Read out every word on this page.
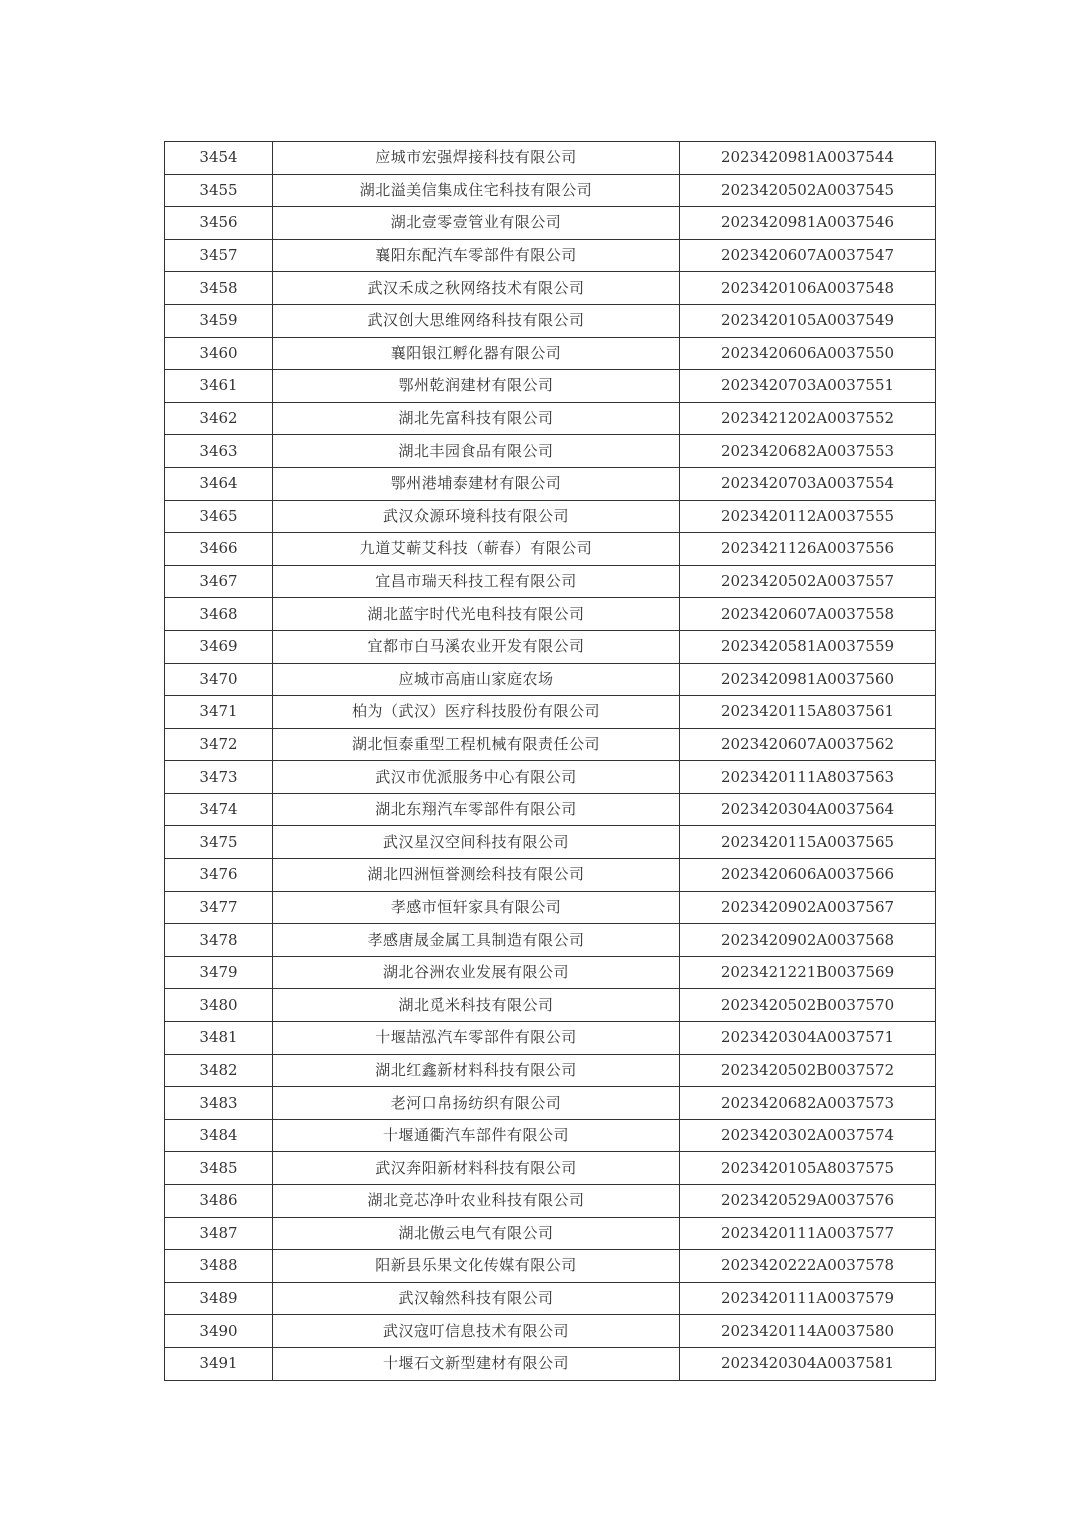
3454	应城市宏强焊接科技有限公司	2023420981A0037544
3455	湖北溢美信集成住宅科技有限公司	2023420502A0037545
3456	湖北壹零壹管业有限公司	2023420981A0037546
3457	襄阳东配汽车零部件有限公司	2023420607A0037547
3458	武汉禾成之秋网络技术有限公司	2023420106A0037548
3459	武汉创大思维网络科技有限公司	2023420105A0037549
3460	襄阳银江孵化器有限公司	2023420606A0037550
3461	鄂州乾润建材有限公司	2023420703A0037551
3462	湖北先富科技有限公司	2023421202A0037552
3463	湖北丰园食品有限公司	2023420682A0037553
3464	鄂州港埔泰建材有限公司	2023420703A0037554
3465	武汉众源环境科技有限公司	2023420112A0037555
3466	九道艾蕲艾科技（蕲春）有限公司	2023421126A0037556
3467	宜昌市瑞天科技工程有限公司	2023420502A0037557
3468	湖北蓝宇时代光电科技有限公司	2023420607A0037558
3469	宜都市白马溪农业开发有限公司	2023420581A0037559
3470	应城市高庙山家庭农场	2023420981A0037560
3471	柏为（武汉）医疗科技股份有限公司	2023420115A8037561
3472	湖北恒泰重型工程机械有限责任公司	2023420607A0037562
3473	武汉市优派服务中心有限公司	2023420111A8037563
3474	湖北东翔汽车零部件有限公司	2023420304A0037564
3475	武汉星汉空间科技有限公司	2023420115A0037565
3476	湖北四洲恒誉测绘科技有限公司	2023420606A0037566
3477	孝感市恒轩家具有限公司	2023420902A0037567
3478	孝感唐晟金属工具制造有限公司	2023420902A0037568
3479	湖北谷洲农业发展有限公司	2023421221B0037569
3480	湖北觅米科技有限公司	2023420502B0037570
3481	十堰喆泓汽车零部件有限公司	2023420304A0037571
3482	湖北红鑫新材料科技有限公司	2023420502B0037572
3483	老河口帛扬纺织有限公司	2023420682A0037573
3484	十堰通衢汽车部件有限公司	2023420302A0037574
3485	武汉奔阳新材料科技有限公司	2023420105A8037575
3486	湖北竞芯净叶农业科技有限公司	2023420529A0037576
3487	湖北傲云电气有限公司	2023420111A0037577
3488	阳新县乐果文化传媒有限公司	2023420222A0037578
3489	武汉翰然科技有限公司	2023420111A0037579
3490	武汉寇叮信息技术有限公司	2023420114A0037580
3491	十堰石文新型建材有限公司	2023420304A0037581
